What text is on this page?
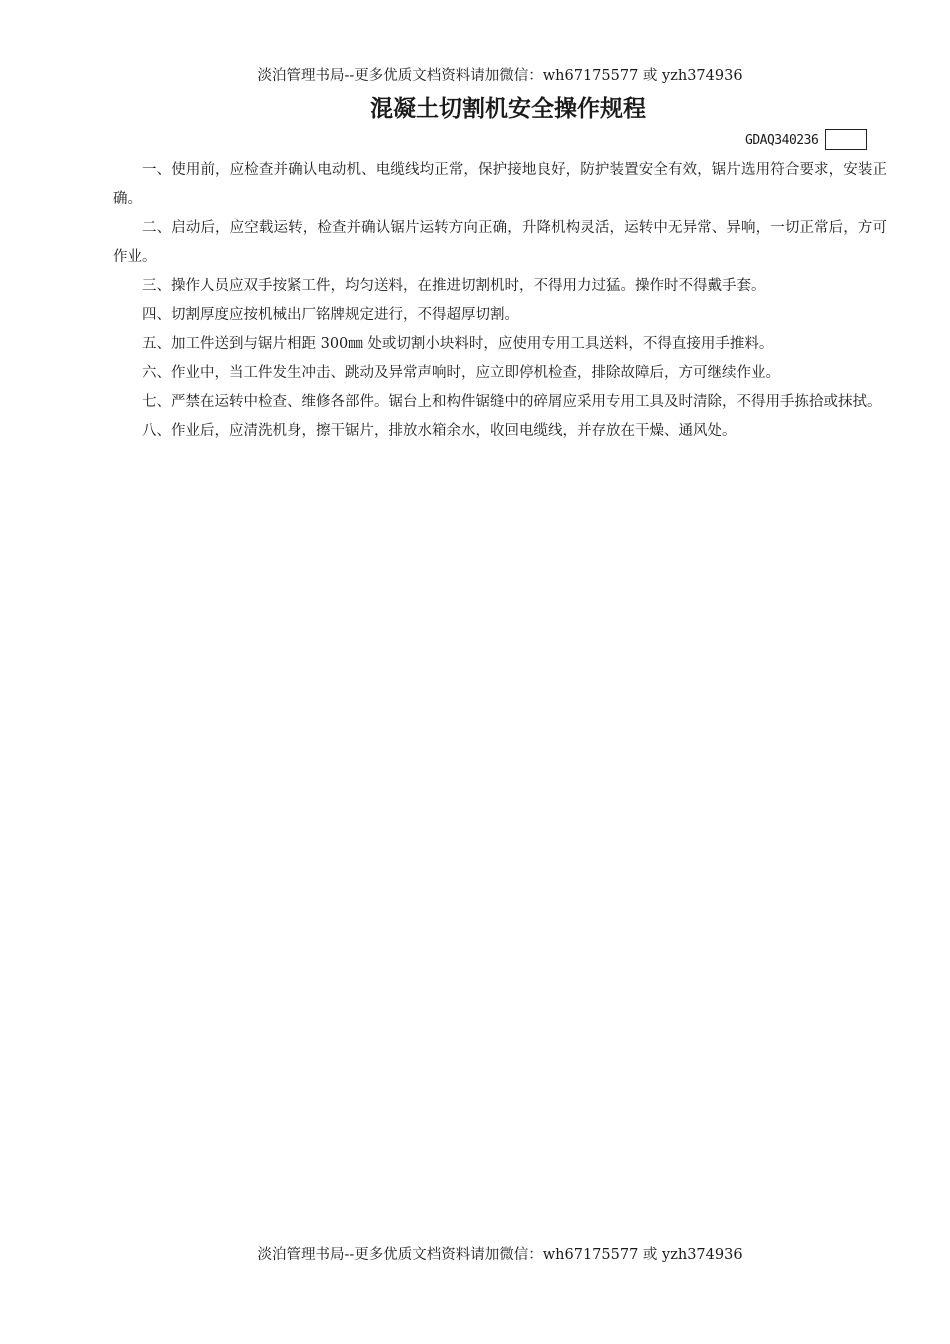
淡泊管理书局--更多优质文档资料请加微信：wh67175577 或 yzh374936
混凝土切割机安全操作规程
GDAQ340236

一、使用前，应检查并确认电动机、电缆线均正常，保护接地良好，防护装置安全有效，锯片选用符合要求，安装正确。

二、启动后，应空载运转，检查并确认锯片运转方向正确，升降机构灵活，运转中无异常、异响，一切正常后，方可作业。

三、操作人员应双手按紧工件，均匀送料，在推进切割机时，不得用力过猛。操作时不得戴手套。

四、切割厚度应按机械出厂铭牌规定进行，不得超厚切割。

五、加工件送到与锯片相距 300㎜ 处或切割小块料时，应使用专用工具送料，不得直接用手推料。

六、作业中，当工件发生冲击、跳动及异常声响时，应立即停机检查，排除故障后，方可继续作业。

七、严禁在运转中检查、维修各部件。锯台上和构件锯缝中的碎屑应采用专用工具及时清除，不得用手拣拾或抹拭。

八、作业后，应清洗机身，擦干锯片，排放水箱余水，收回电缆线，并存放在干燥、通风处。

淡泊管理书局--更多优质文档资料请加微信：wh67175577 或 yzh374936
